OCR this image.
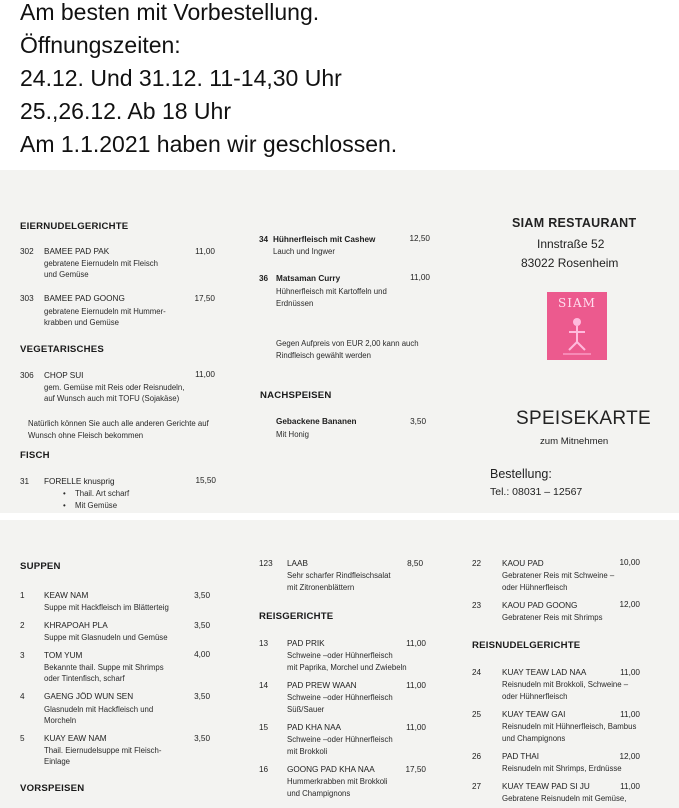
Am besten mit Vorbestellung.
Öffnungszeiten:
24.12. Und 31.12. 11-14,30 Uhr
25.,26.12. Ab 18 Uhr
Am 1.1.2021 haben wir geschlossen.
EIERNUDELGERICHTE
302 BAMEE PAD PAK	11,00
gebratene Eiernudeln mit Fleisch
und Gemüse
303 BAMEE PAD GOONG	17,50
gebratene Eiernudeln mit Hummer-
krabben und Gemüse
VEGETARISCHES
306 CHOP SUI	11,00
gem. Gemüse mit Reis oder Reisnudeln,
auf Wunsch auch mit TOFU (Sojakäse)
Natürlich können Sie auch alle anderen Gerichte auf
Wunsch ohne Fleisch bekommen
FISCH
31 FORELLE knusprig	15,50
• Thail. Art scharf
• Mit Gemüse
34 Hühnerfleisch mit Cashew	12,50
Lauch und Ingwer
36 Matsaman Curry	11,00
Hühnerfleisch mit Kartoffeln und
Erdnüssen
Gegen Aufpreis von EUR 2,00 kann auch
Rindfleisch gewählt werden
NACHSPEISEN
Gebackene Bananen	3,50
Mit Honig
SIAM RESTAURANT
Innstraße 52
83022 Rosenheim
SIAM
SPEISEKARTE
zum Mitnehmen
Bestellung:
Tel.: 08031 – 12567
SUPPEN
1 KEAW NAM	3,50
Suppe mit Hackfleisch im Blätterteig
2 KHRAPOAH PLA	3,50
Suppe mit Glasnudeln und Gemüse
3 TOM YUM	4,00
Bekannte thail. Suppe mit Shrimps
oder Tintenfisch, scharf
4 GAENG JÖD WUN SEN	3,50
Glasnudeln mit Hackfleisch und
Morcheln
5 KUAY EAW NAM	3,50
Thail. Eiernudelsuppe mit Fleisch-
Einlage
VORSPEISEN
123 LAAB	8,50
Sehr scharfer Rindfleischsalat
mit Zitronenblättern
REISGERICHTE
13 PAD PRIK	11,00
Schweine –oder Hühnerfleisch
mit Paprika, Morchel und Zwiebeln
14 PAD PREW WAAN	11,00
Schweine –oder Hühnerfleisch
Süß/Sauer
15 PAD KHA NAA	11,00
Schweine –oder Hühnerfleisch
mit Brokkoli
16 GOONG PAD KHA NAA	17,50
Hummerkrabben mit Brokkoli
und Champignons
22	KAOU PAD	10,00
Gebratener Reis mit Schweine –
oder Hühnerfleisch
23	KAOU PAD GOONG	12,00
Gebratener Reis mit Shrimps
REISNUDELGERICHTE
24	KUAY TEAW LAD NAA	11,00
Reisnudeln mit Brokkoli, Schweine –
oder Hühnerfleisch
25	KUAY TEAW GAI	11,00
Reisnudeln mit Hühnerfleisch, Bambus
und Champignons
26	PAD THAI	12,00
Reisnudeln mit Shrimps, Erdnüsse
27	KUAY TEAW PAD SI JU	11,00
Gebratene Reisnudeln mit Gemüse,
